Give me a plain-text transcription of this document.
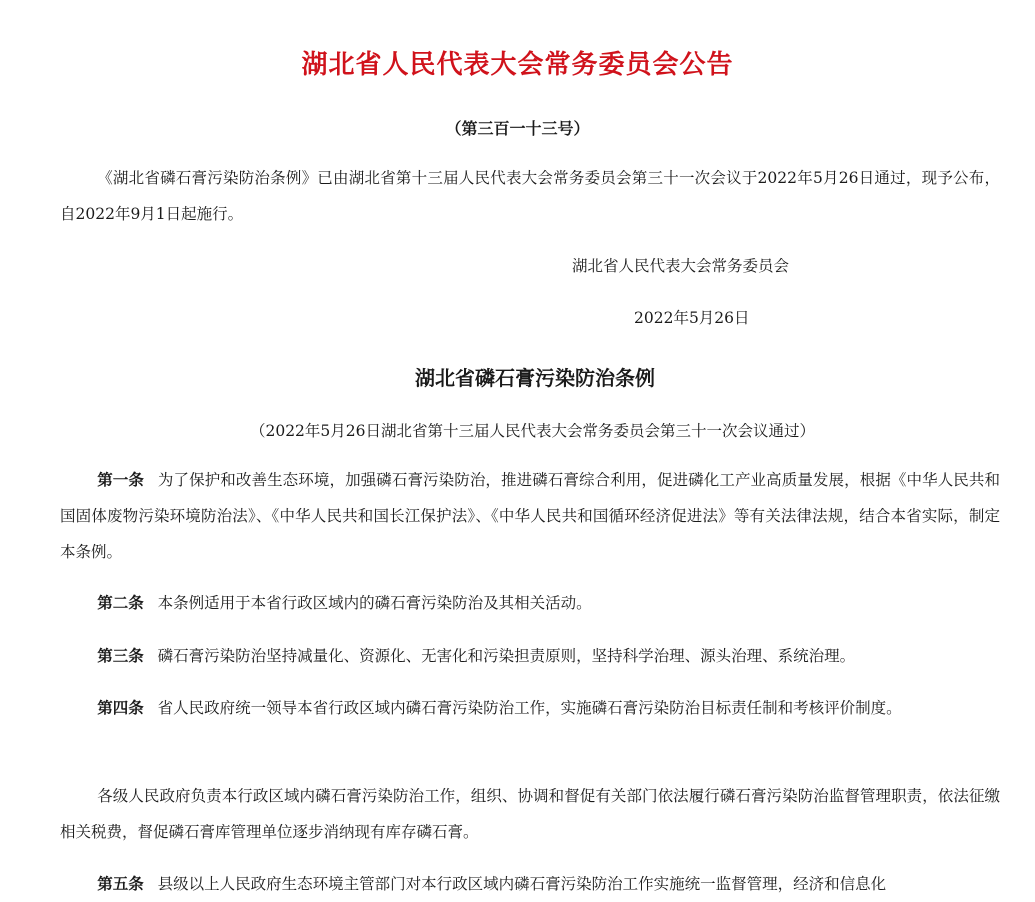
湖北省人民代表大会常务委员会公告

（第三百一十三号）

《湖北省磷石膏污染防治条例》已由湖北省第十三届人民代表大会常务委员会第三十一次会议于2022年5月26日通过，现予公布，自2022年9月1日起施行。

湖北省人民代表大会常务委员会

2022年5月26日

湖北省磷石膏污染防治条例

（2022年5月26日湖北省第十三届人民代表大会常务委员会第三十一次会议通过）

第一条 为了保护和改善生态环境，加强磷石膏污染防治，推进磷石膏综合利用，促进磷化工产业高质量发展，根据《中华人民共和国固体废物污染环境防治法》、《中华人民共和国长江保护法》、《中华人民共和国循环经济促进法》等有关法律法规，结合本省实际，制定本条例。

第二条 本条例适用于本省行政区域内的磷石膏污染防治及其相关活动。

第三条 磷石膏污染防治坚持减量化、资源化、无害化和污染担责原则，坚持科学治理、源头治理、系统治理。

第四条 省人民政府统一领导本省行政区域内磷石膏污染防治工作，实施磷石膏污染防治目标责任制和考核评价制度。

各级人民政府负责本行政区域内磷石膏污染防治工作，组织、协调和督促有关部门依法履行磷石膏污染防治监督管理职责，依法征缴相关税费，督促磷石膏库管理单位逐步消纳现有库存磷石膏。

第五条 县级以上人民政府生态环境主管部门对本行政区域内磷石膏污染防治工作实施统一监督管理，经济和信息化
